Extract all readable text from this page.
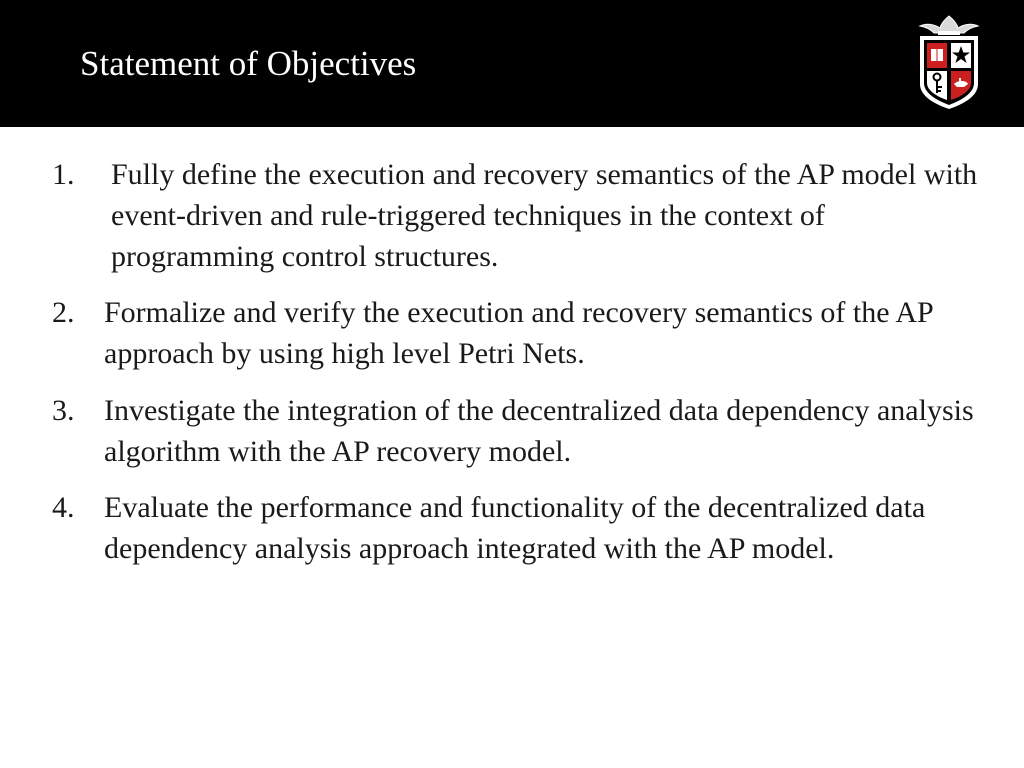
Statement of Objectives
1. Fully define the execution and recovery semantics of the AP model with event-driven and rule-triggered techniques in the context of programming control structures.
2. Formalize and verify the execution and recovery semantics of the AP approach by using high level Petri Nets.
3. Investigate the integration of the decentralized data dependency analysis algorithm with the AP recovery model.
4. Evaluate the performance and functionality of the decentralized data dependency analysis approach integrated with the AP model.
